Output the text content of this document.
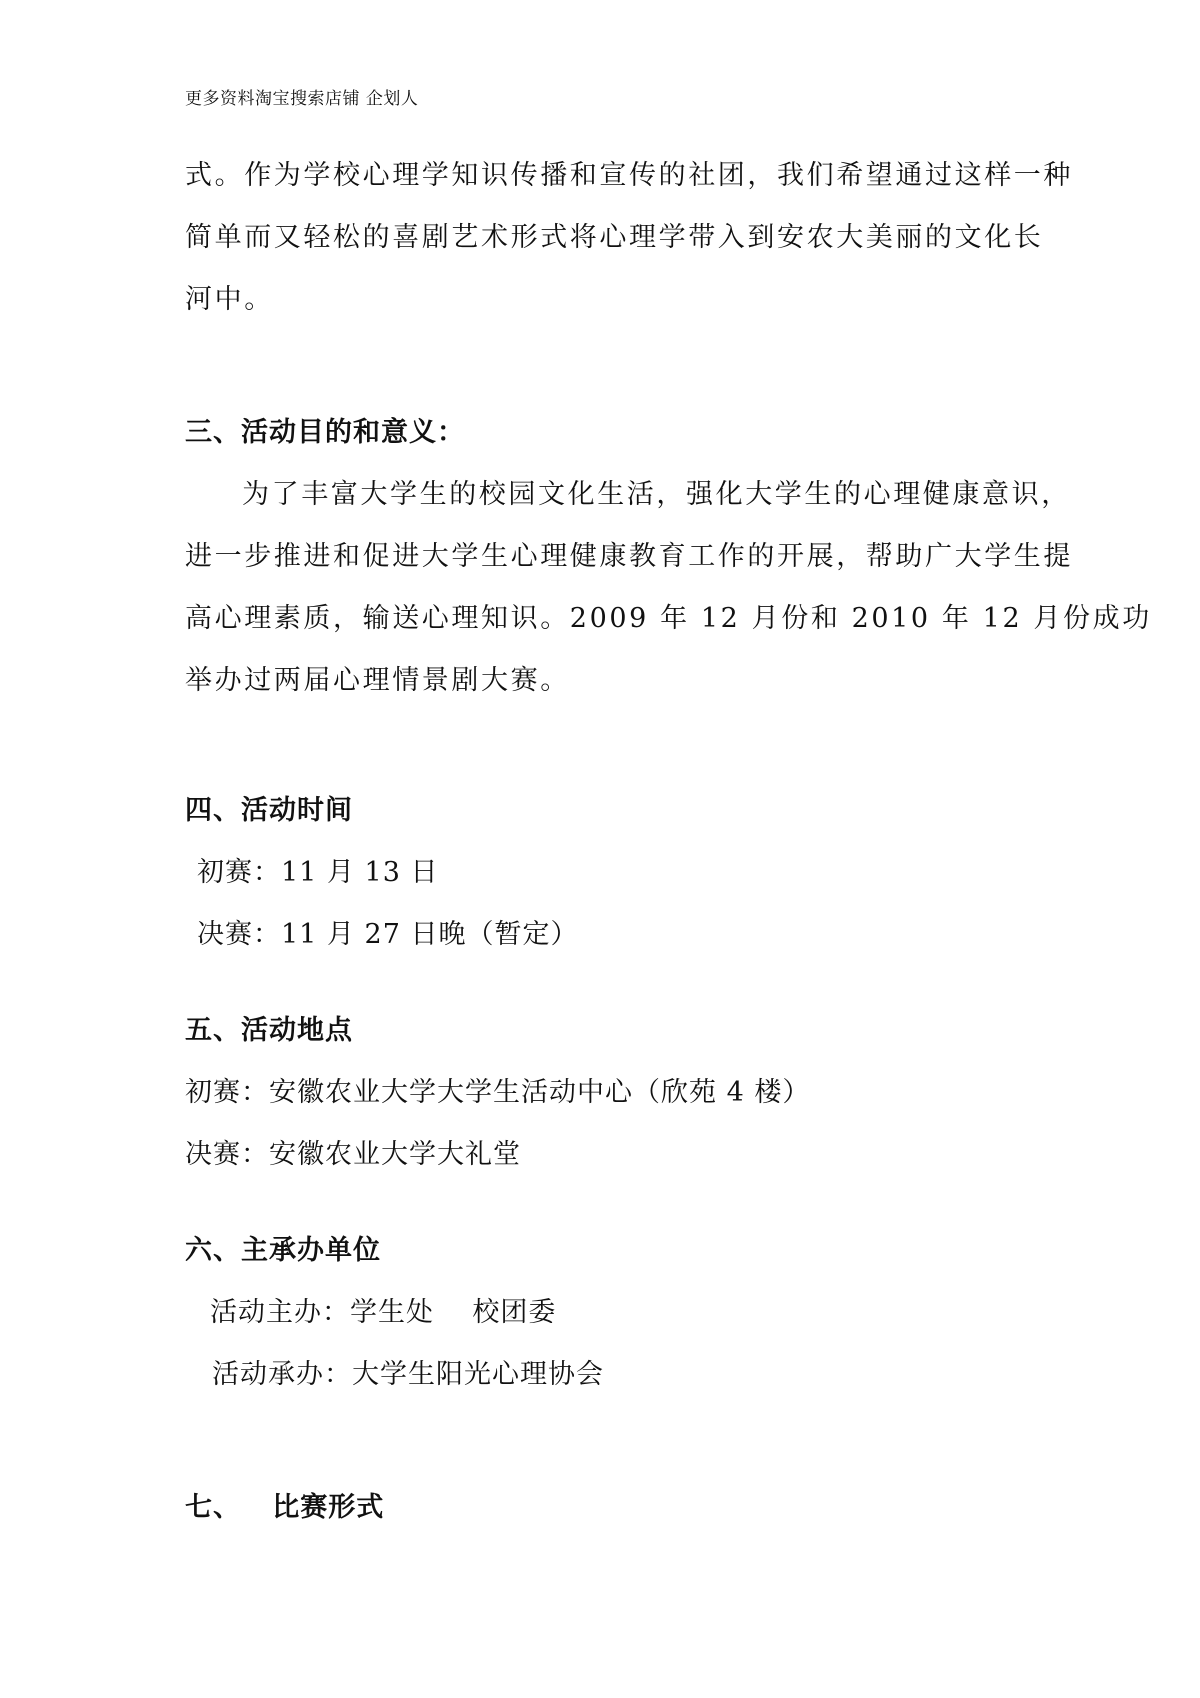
更多资料淘宝搜索店铺 企划人
式。作为学校心理学知识传播和宣传的社团，我们希望通过这样一种
简单而又轻松的喜剧艺术形式将心理学带入到安农大美丽的文化长
河中。
三、活动目的和意义：
为了丰富大学生的校园文化生活，强化大学生的心理健康意识，
进一步推进和促进大学生心理健康教育工作的开展，帮助广大学生提
高心理素质，输送心理知识。2009 年 12 月份和 2010 年 12 月份成功
举办过两届心理情景剧大赛。
四、活动时间
初赛：11 月 13 日
决赛：11 月 27 日晚（暂定）
五、活动地点
初赛：安徽农业大学大学生活动中心（欣苑 4 楼）
决赛：安徽农业大学大礼堂
六、主承办单位
活动主办：学生处    校团委
活动承办：大学生阳光心理协会
七、   比赛形式
